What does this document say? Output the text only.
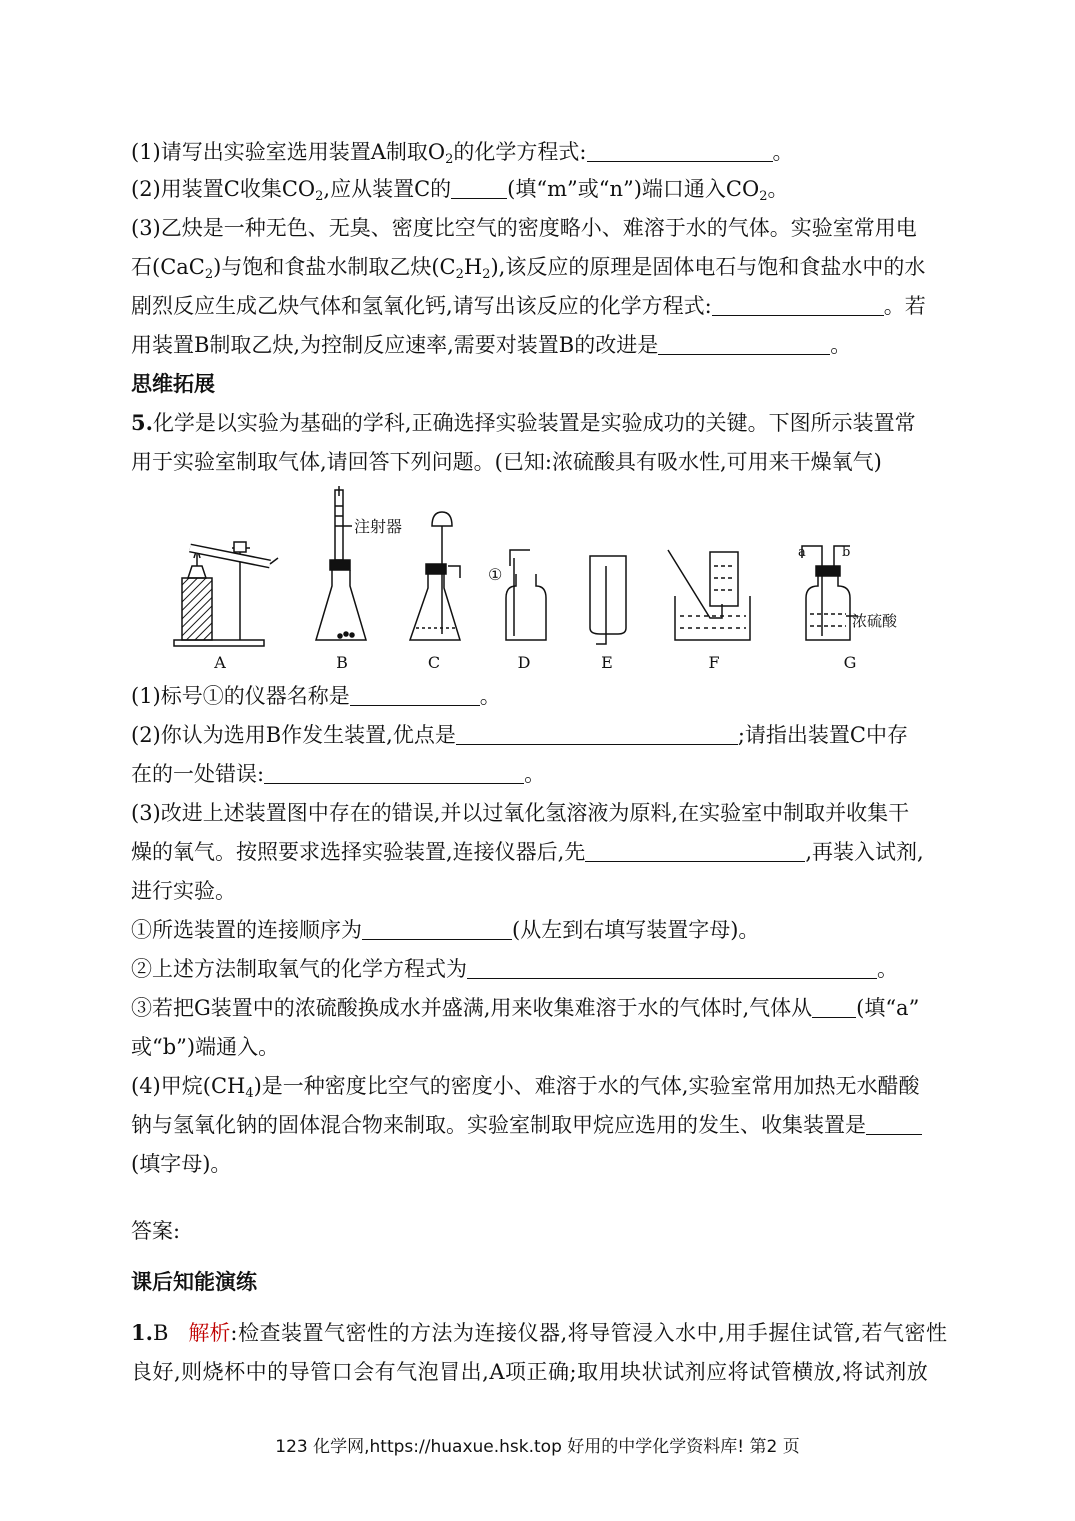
(1)请写出实验室选用装置A制取$O_2$的化学方程式:	。
(2)用装置C收集$CO_2$,应从装置C的	(填“m”或“n”)端口通入$CO_2$。
(3)乙炔是一种无色、无臭、密度比空气的密度略小、难溶于水的气体。实验室常用电
石(CaC$_2$)与饱和食盐水制取乙炔$(C_2H_2)$,该反应的原理是固体电石与饱和食盐水中的水
剧烈反应生成乙炔气体和氢氧化钙,请写出该反应的化学方程式:	。若
用装置B制取乙炔,为控制反应速率,需要对装置B的改进是	。
思维拓展
5.化学是以实验为基础的学科,正确选择实验装置是实验成功的关键。下图所示装置常
用于实验室制取气体,请回答下列问题。(已知:浓硫酸具有吸水性,可用来干燥氧气)
注射器
①
a	b
浓硫酸
A	B	C	D	E	F	G
(1)标号①的仪器名称是	。
(2)你认为选用B作发生装置,优点是	;请指出装置C中存
在的一处错误:	。
(3)改进上述装置图中存在的错误,并以过氧化氢溶液为原料,在实验室中制取并收集干
燥的氧气。按照要求选择实验装置,连接仪器后,先	,再装入试剂,
进行实验。
①所选装置的连接顺序为	(从左到右填写装置字母)。
②上述方法制取氧气的化学方程式为	。
③若把G装置中的浓硫酸换成水并盛满,用来收集难溶于水的气体时,气体从 (填“a”
或“b”)端通入。
(4)甲烷$(CH_4)$是一种密度比空气的密度小、难溶于水的气体,实验室常用加热无水醋酸
钠与氢氧化钠的固体混合物来制取。实验室制取甲烷应选用的发生、收集装置是
(填字母)。
答案:
课后知能演练
1.B 解析:检查装置气密性的方法为连接仪器,将导管浸入水中,用手握住试管,若气密性
良好,则烧杯中的导管口会有气泡冒出,A项正确;取用块状试剂应将试管横放,将试剂放
123 化学网,https://huaxue.hsk.top 好用的中学化学资料库! 第2 页
